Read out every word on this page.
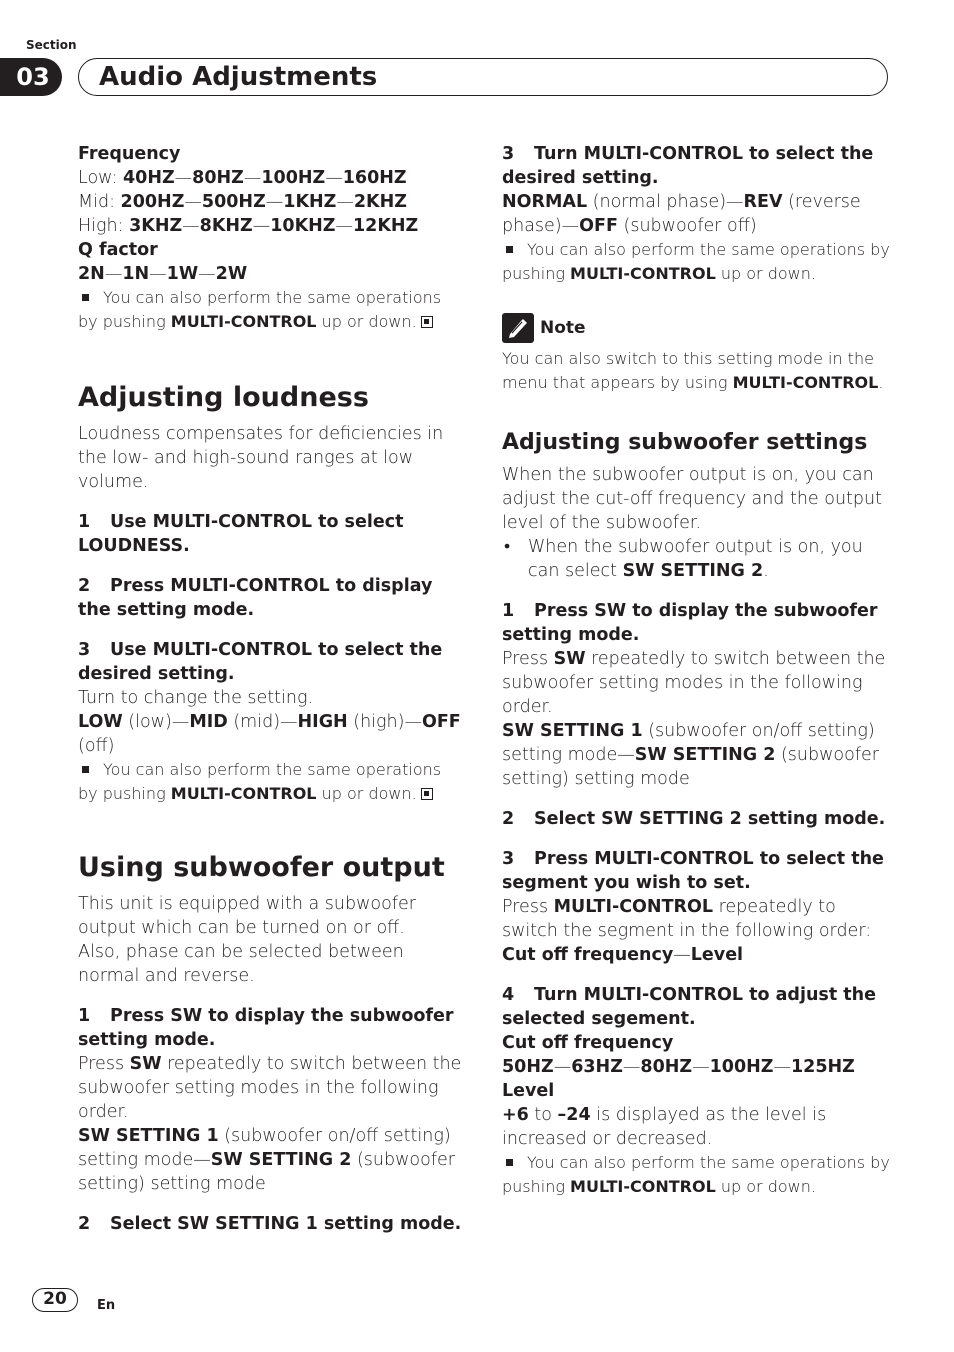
Section
03	Audio Adjustments

Frequency

Low: 40HZ—80HZ—100HZ—160HZ

Mid: 200HZ—500HZ—1KHZ—2KHZ

High: 3KHZ—8KHZ—10KHZ—12KHZ

Q factor

2N—1N—1W—2W

You can also perform the same operations by pushing MULTI-CONTROL up or down.

Adjusting loudness

Loudness compensates for deficiencies in the low- and high-sound ranges at low volume.

1 Use MULTI-CONTROL to select LOUDNESS.

2 Press MULTI-CONTROL to display the setting mode.

3 Use MULTI-CONTROL to select the desired setting.

Turn to change the setting.

LOW (low)—MID (mid)—HIGH (high)—OFF (off)

You can also perform the same operations by pushing MULTI-CONTROL up or down.

Using subwoofer output

This unit is equipped with a subwoofer output which can be turned on or off.

Also, phase can be selected between normal and reverse.

1 Press SW to display the subwoofer setting mode.

Press SW repeatedly to switch between the subwoofer setting modes in the following order.

SW SETTING 1 (subwoofer on/off setting) setting mode—SW SETTING 2 (subwoofer setting) setting mode

2 Select SW SETTING 1 setting mode.

3 Turn MULTI-CONTROL to select the desired setting.

NORMAL (normal phase)—REV (reverse phase)—OFF (subwoofer off)

You can also perform the same operations by pushing MULTI-CONTROL up or down.

Note

You can also switch to this setting mode in the menu that appears by using MULTI-CONTROL.

Adjusting subwoofer settings

When the subwoofer output is on, you can adjust the cut-off frequency and the output level of the subwoofer.

• When the subwoofer output is on, you can select SW SETTING 2.

1 Press SW to display the subwoofer setting mode.

Press SW repeatedly to switch between the subwoofer setting modes in the following order.

SW SETTING 1 (subwoofer on/off setting) setting mode—SW SETTING 2 (subwoofer setting) setting mode

2 Select SW SETTING 2 setting mode.

3 Press MULTI-CONTROL to select the segment you wish to set.

Press MULTI-CONTROL repeatedly to switch the segment in the following order:

Cut off frequency—Level

4 Turn MULTI-CONTROL to adjust the selected segement.

Cut off frequency

50HZ—63HZ—80HZ—100HZ—125HZ

Level

+6 to –24 is displayed as the level is increased or decreased.

You can also perform the same operations by pushing MULTI-CONTROL up or down.

20	En
